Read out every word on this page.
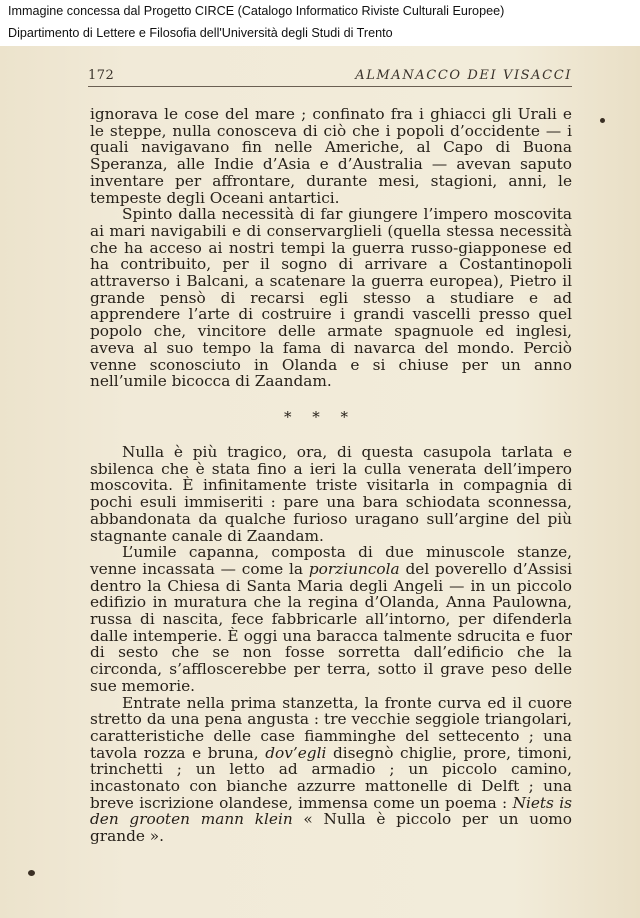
Immagine concessa dal Progetto CIRCE (Catalogo Informatico Riviste Culturali Europee)
Dipartimento di Lettere e Filosofia dell'Università degli Studi di Trento
172	ALMANACCO DEI VISACCI

ignorava le cose del mare ; confinato fra i ghiacci gli Urali e le steppe, nulla conosceva di ciò che i popoli d’occidente — i quali navigavano fin nelle Americhe, al Capo di Buona Speranza, alle Indie d’Asia e d’Australia — avevan saputo inventare per affrontare, durante mesi, stagioni, anni, le tempeste degli Oceani antartici.

Spinto dalla necessità di far giungere l’impero moscovita ai mari navigabili e di conservarglieli (quella stessa necessità che ha acceso ai nostri tempi la guerra russo-giapponese ed ha contribuito, per il sogno di arrivare a Costantinopoli attraverso i Balcani, a scatenare la guerra europea), Pietro il grande pensò di recarsi egli stesso a studiare e ad apprendere l’arte di costruire i grandi vascelli presso quel popolo che, vincitore delle armate spagnuole ed inglesi, aveva al suo tempo la fama di navarca del mondo. Perciò venne sconosciuto in Olanda e si chiuse per un anno nell’umile bicocca di Zaandam.

* * *

Nulla è più tragico, ora, di questa casupola tarlata e sbilenca che è stata fino a ieri la culla venerata dell’impero moscovita. È infinitamente triste visitarla in compagnia di pochi esuli immiseriti : pare una bara schiodata sconnessa, abbandonata da qualche furioso uragano sull’argine del più stagnante canale di Zaandam.

L’umile capanna, composta di due minuscole stanze, venne incassata — come la porziuncola del poverello d’Assisi dentro la Chiesa di Santa Maria degli Angeli — in un piccolo edifizio in muratura che la regina d’Olanda, Anna Paulowna, russa di nascita, fece fabbricarle all’intorno, per difenderla dalle intemperie. È oggi una baracca talmente sdrucita e fuor di sesto che se non fosse sorretta dall’edificio che la circonda, s’affloscerebbe per terra, sotto il grave peso delle sue memorie.

Entrate nella prima stanzetta, la fronte curva ed il cuore stretto da una pena angusta : tre vecchie seggiole triangolari, caratteristiche delle case fiamminghe del settecento ; una tavola rozza e bruna, dov’egli disegnò chiglie, prore, timoni, trinchetti ; un letto ad armadio ; un piccolo camino, incastonato con bianche azzurre mattonelle di Delft ; una breve iscrizione olandese, immensa come un poema : Niets is den grooten mann klein « Nulla è piccolo per un uomo grande ».
